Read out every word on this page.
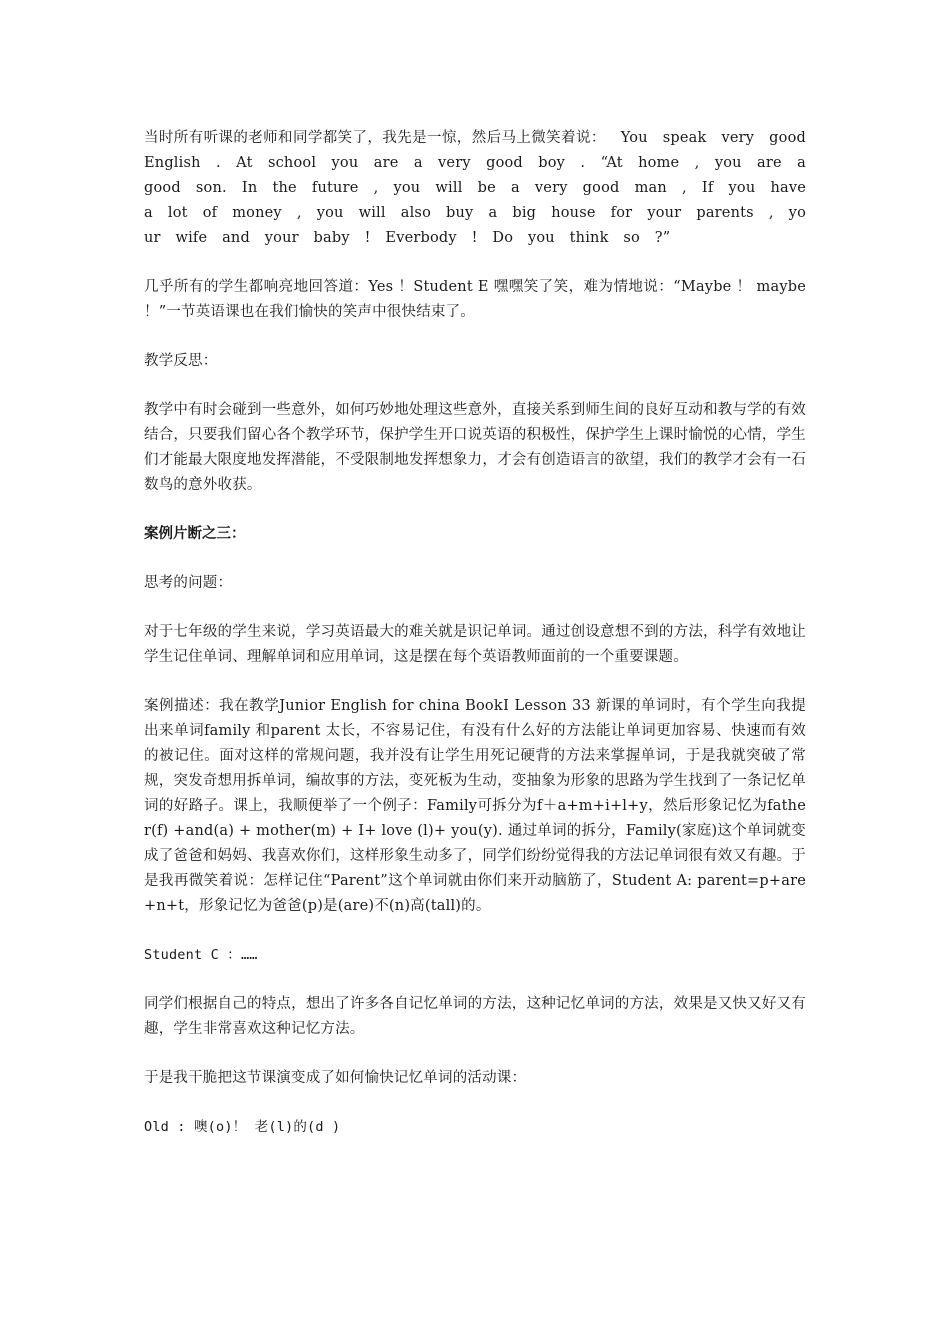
当时所有听课的老师和同学都笑了，我先是一惊，然后马上微笑着说： You speak very good English . At school you are a very good boy . “At home , you are a good son. In the future , you will be a very good man , If you have a lot of money , you will also buy a big house for your parents , your wife and your baby ! Everbody ! Do you think so ?”

几乎所有的学生都响亮地回答道：Yes ！Student E 嘿嘿笑了笑，难为情地说：“Maybe ！ maybe ！”一节英语课也在我们愉快的笑声中很快结束了。

教学反思：

教学中有时会碰到一些意外，如何巧妙地处理这些意外，直接关系到师生间的良好互动和教与学的有效结合，只要我们留心各个教学环节，保护学生开口说英语的积极性，保护学生上课时愉悦的心情，学生们才能最大限度地发挥潜能，不受限制地发挥想象力，才会有创造语言的欲望，我们的教学才会有一石数鸟的意外收获。

案例片断之三：

思考的问题：

对于七年级的学生来说，学习英语最大的难关就是识记单词。通过创设意想不到的方法，科学有效地让学生记住单词、理解单词和应用单词，这是摆在每个英语教师面前的一个重要课题。

案例描述：我在教学Junior English for china BookⅠ Lesson 33 新课的单词时，有个学生向我提出来单词family 和parent 太长，不容易记住，有没有什么好的方法能让单词更加容易、快速而有效的被记住。面对这样的常规问题，我并没有让学生用死记硬背的方法来掌握单词，于是我就突破了常规，突发奇想用拆单词，编故事的方法，变死板为生动，变抽象为形象的思路为学生找到了一条记忆单词的好路子。课上，我顺便举了一个例子：Family可拆分为f＋a+m+i+l+y，然后形象记忆为father(f) +and(a) + mother(m) + I+ love (l)+ you(y). 通过单词的拆分，Family(家庭)这个单词就变成了爸爸和妈妈、我喜欢你们，这样形象生动多了，同学们纷纷觉得我的方法记单词很有效又有趣。于是我再微笑着说：怎样记住“Parent”这个单词就由你们来开动脑筋了，Student A: parent=p+are+n+t，形象记忆为爸爸(p)是(are)不(n)高(tall)的。

Student C ：……

同学们根据自己的特点，想出了许多各自记忆单词的方法，这种记忆单词的方法，效果是又快又好又有趣，学生非常喜欢这种记忆方法。

于是我干脆把这节课演变成了如何愉快记忆单词的活动课：

Old : 噢(o)！ 老(l)的(d )
